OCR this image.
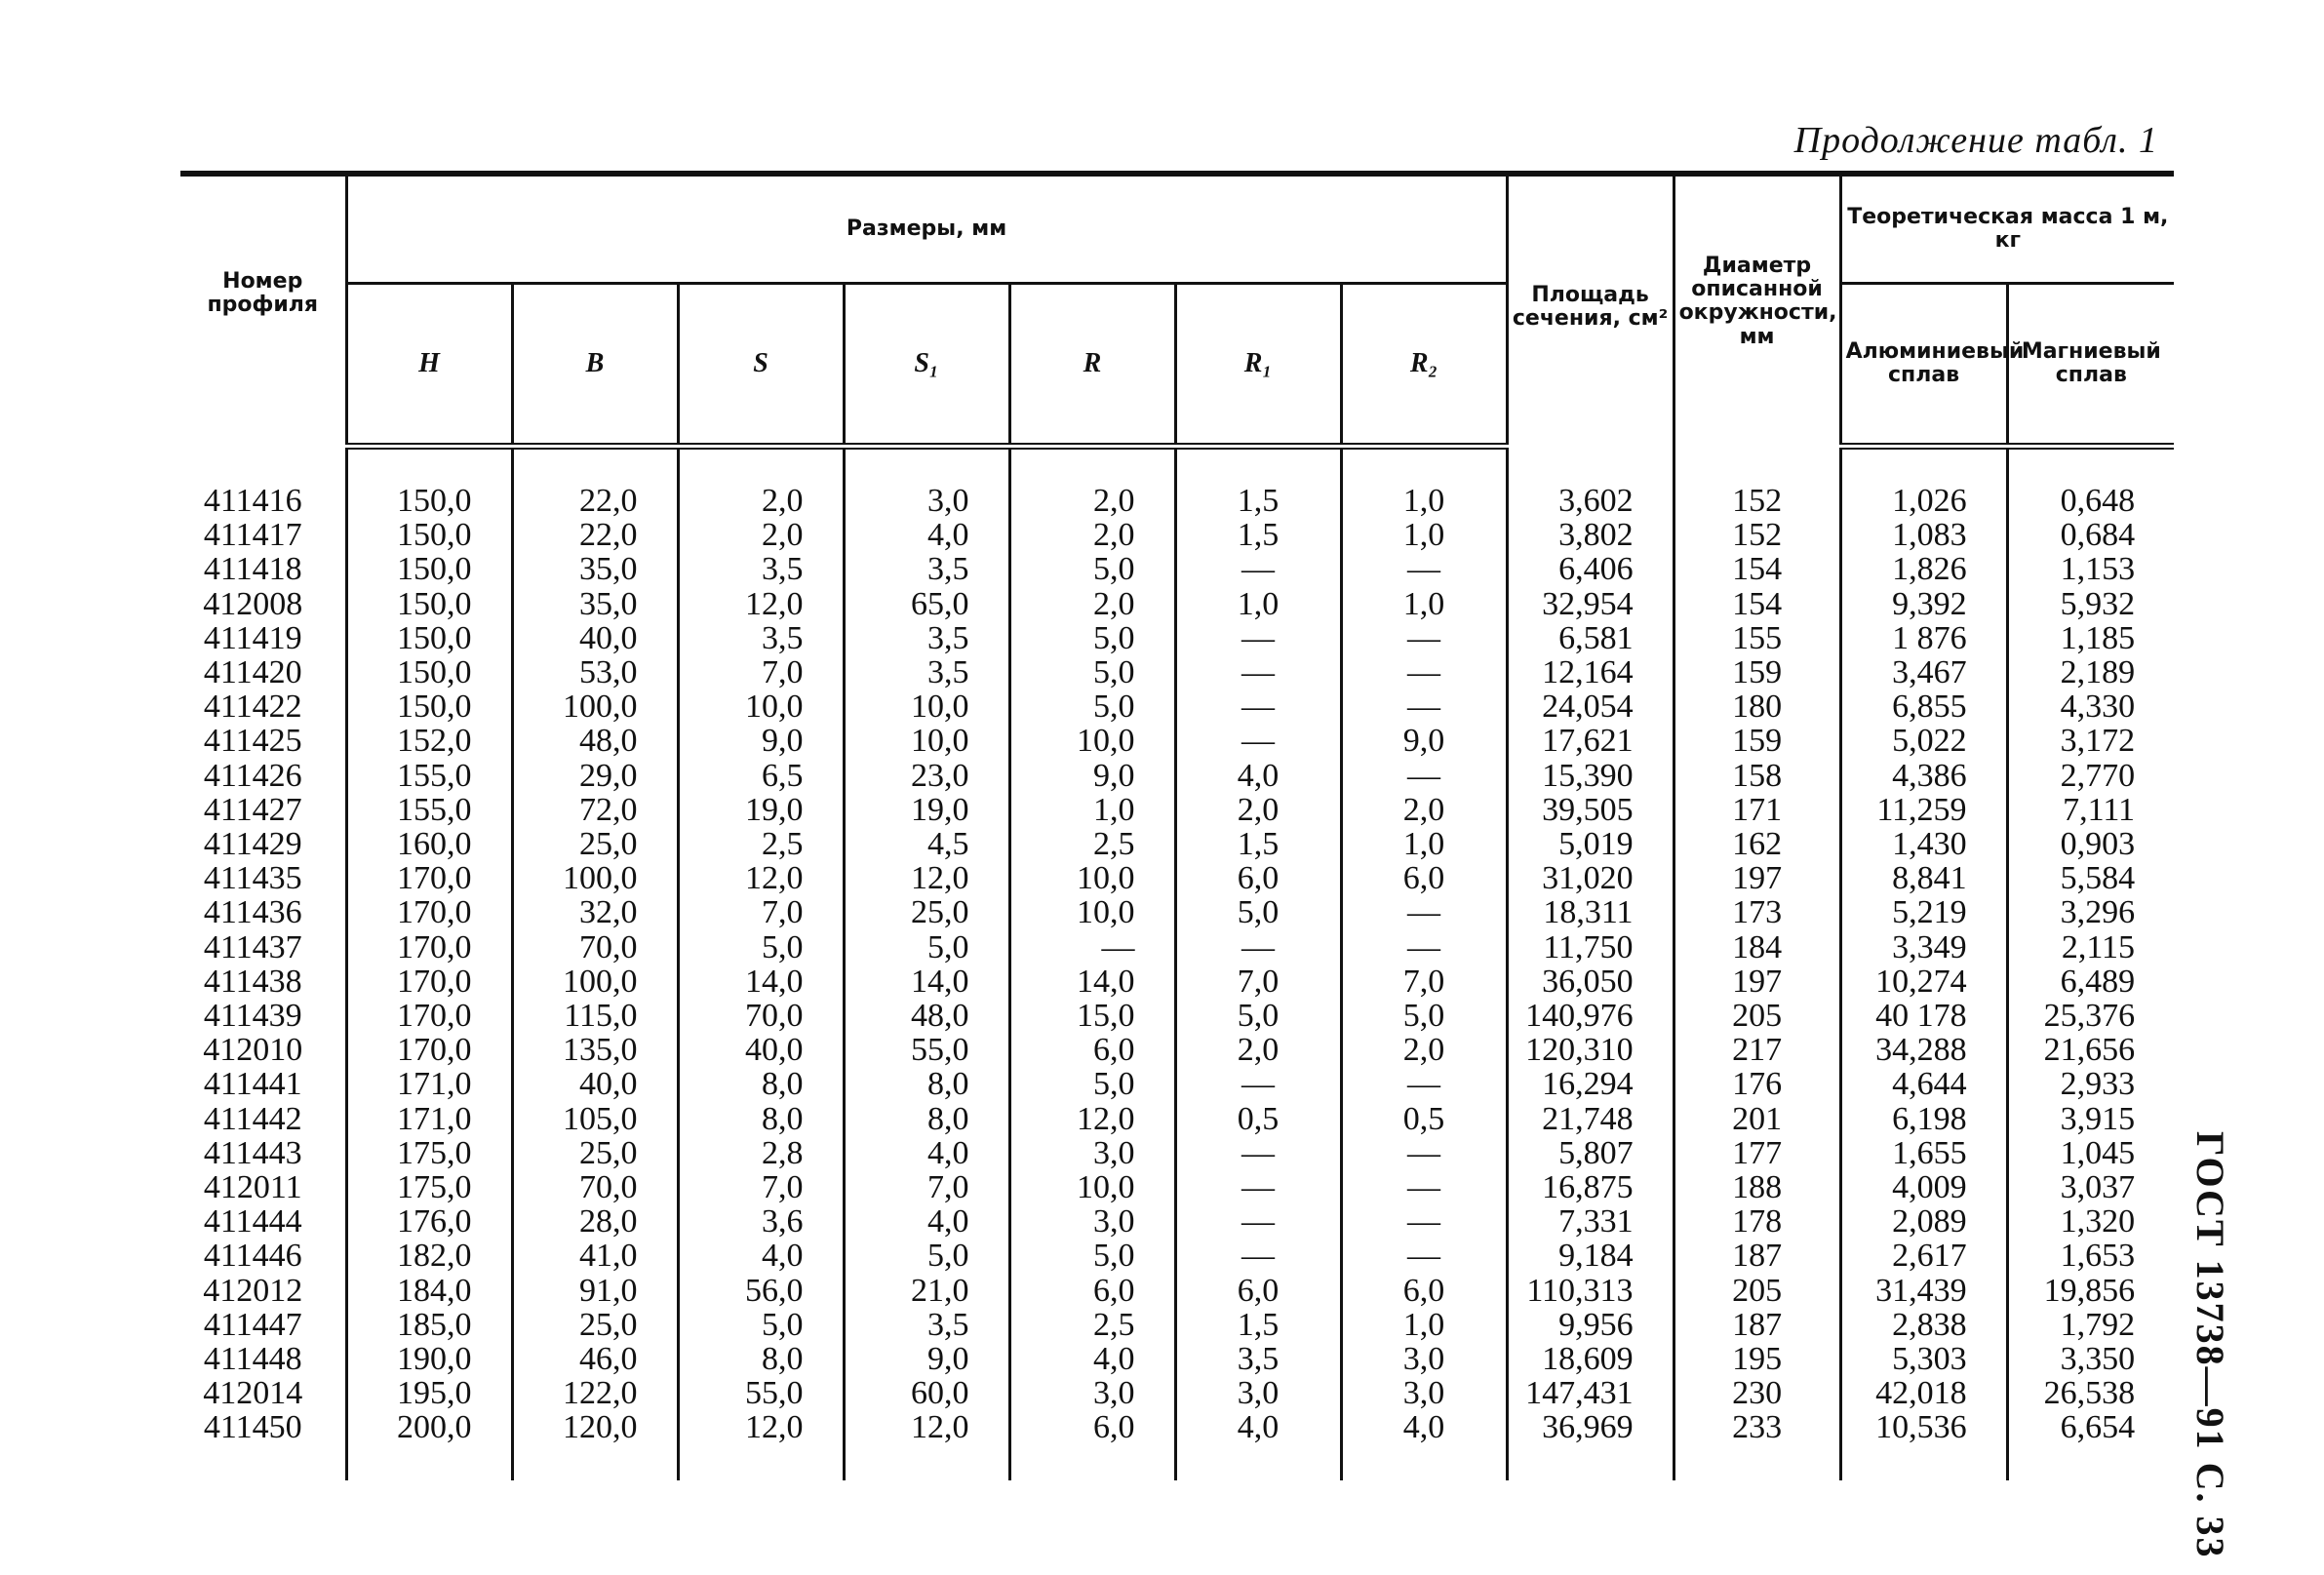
Продолжение табл. 1
Номер профиля	Размеры, мм							Площадь сечения, см²	Диаметр описанной окружности, мм	Теоретическая масса 1 м, кг	
	H	B	S	S₁	R	R₁	R₂			Алюминиевый сплав	Магниевый сплав

411416	150,0	22,0	2,0	3,0	2,0	1,5	1,0	3,602	152	1,026	0,648
411417	150,0	22,0	2,0	4,0	2,0	1,5	1,0	3,802	152	1,083	0,684
411418	150,0	35,0	3,5	3,5	5,0	—	—	6,406	154	1,826	1,153
412008	150,0	35,0	12,0	65,0	2,0	1,0	1,0	32,954	154	9,392	5,932
411419	150,0	40,0	3,5	3,5	5,0	—	—	6,581	155	1 876	1,185
411420	150,0	53,0	7,0	3,5	5,0	—	—	12,164	159	3,467	2,189
411422	150,0	100,0	10,0	10,0	5,0	—	—	24,054	180	6,855	4,330
411425	152,0	48,0	9,0	10,0	10,0	—	9,0	17,621	159	5,022	3,172
411426	155,0	29,0	6,5	23,0	9,0	4,0	—	15,390	158	4,386	2,770
411427	155,0	72,0	19,0	19,0	1,0	2,0	2,0	39,505	171	11,259	7,111
411429	160,0	25,0	2,5	4,5	2,5	1,5	1,0	5,019	162	1,430	0,903
411435	170,0	100,0	12,0	12,0	10,0	6,0	6,0	31,020	197	8,841	5,584
411436	170,0	32,0	7,0	25,0	10,0	5,0	—	18,311	173	5,219	3,296
411437	170,0	70,0	5,0	5,0	—	—	—	11,750	184	3,349	2,115
411438	170,0	100,0	14,0	14,0	14,0	7,0	7,0	36,050	197	10,274	6,489
411439	170,0	115,0	70,0	48,0	15,0	5,0	5,0	140,976	205	40 178	25,376
412010	170,0	135,0	40,0	55,0	6,0	2,0	2,0	120,310	217	34,288	21,656
411441	171,0	40,0	8,0	8,0	5,0	—	—	16,294	176	4,644	2,933
411442	171,0	105,0	8,0	8,0	12,0	0,5	0,5	21,748	201	6,198	3,915
411443	175,0	25,0	2,8	4,0	3,0	—	—	5,807	177	1,655	1,045
412011	175,0	70,0	7,0	7,0	10,0	—	—	16,875	188	4,009	3,037
411444	176,0	28,0	3,6	4,0	3,0	—	—	7,331	178	2,089	1,320
411446	182,0	41,0	4,0	5,0	5,0	—	—	9,184	187	2,617	1,653
412012	184,0	91,0	56,0	21,0	6,0	6,0	6,0	110,313	205	31,439	19,856
411447	185,0	25,0	5,0	3,5	2,5	1,5	1,0	9,956	187	2,838	1,792
411448	190,0	46,0	8,0	9,0	4,0	3,5	3,0	18,609	195	5,303	3,350
412014	195,0	122,0	55,0	60,0	3,0	3,0	3,0	147,431	230	42,018	26,538
411450	200,0	120,0	12,0	12,0	6,0	4,0	4,0	36,969	233	10,536	6,654
											ГОСТ 13738—91 С. 33
